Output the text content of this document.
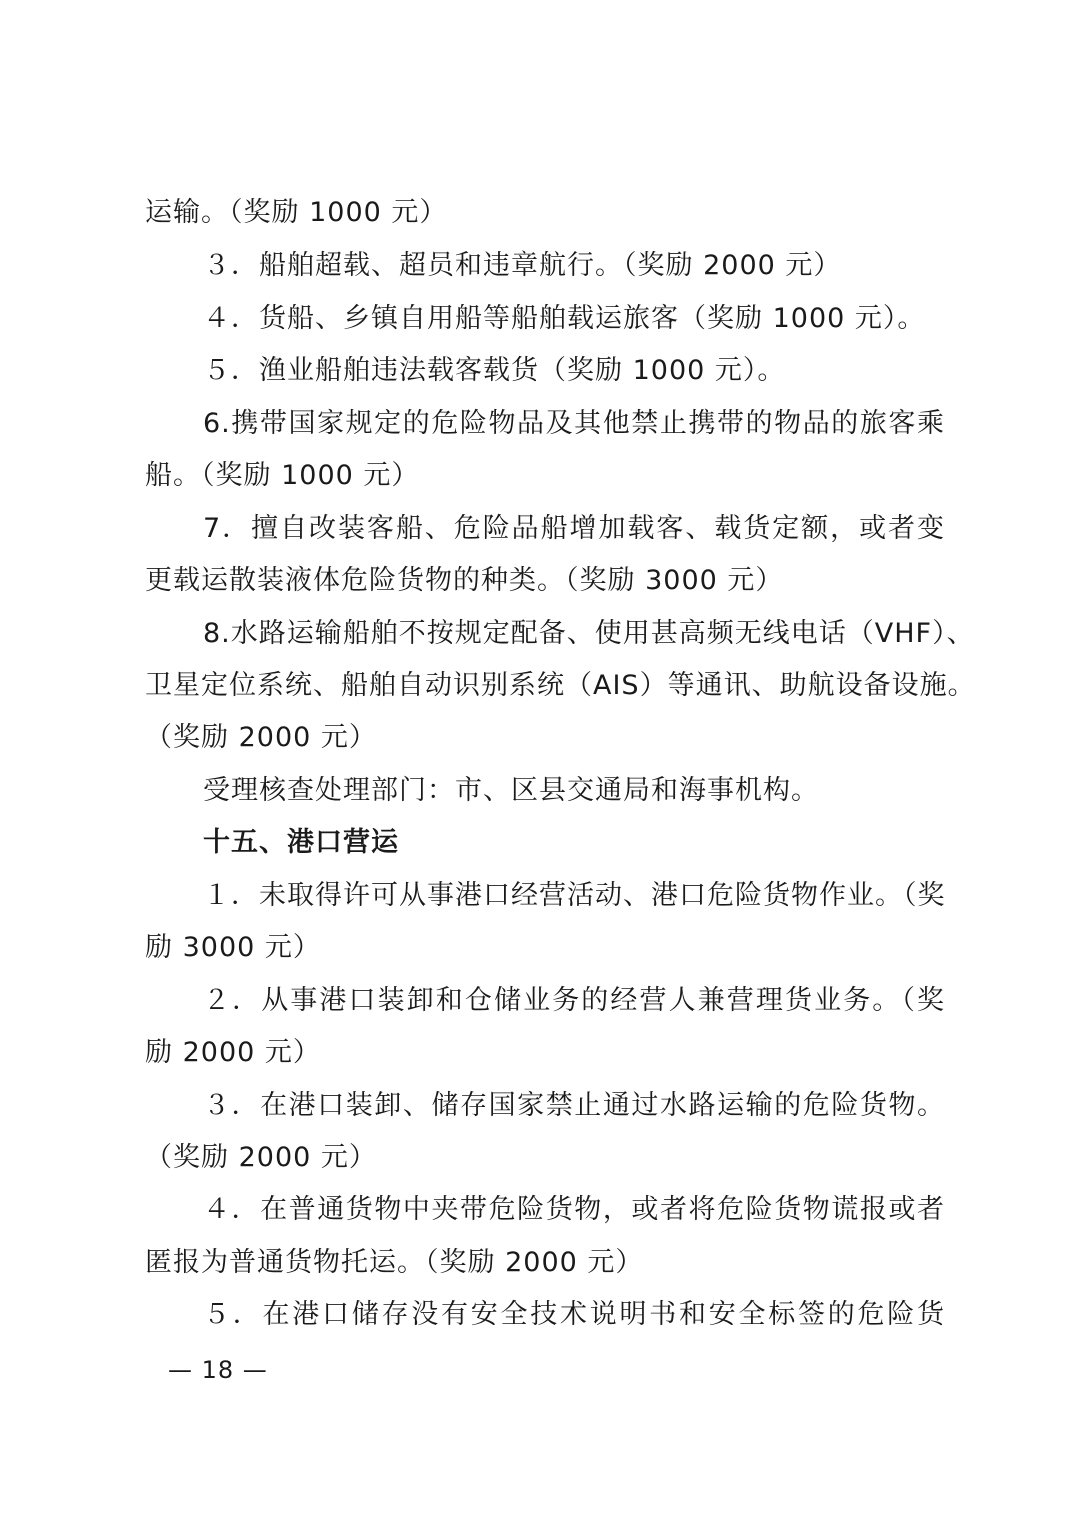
运输。（奖励 1000 元）
３．船舶超载、超员和违章航行。（奖励 2000 元）
４．货船、乡镇自用船等船舶载运旅客（奖励 1000 元）。
５．渔业船舶违法载客载货（奖励 1000 元）。
6.携带国家规定的危险物品及其他禁止携带的物品的旅客乘
船。（奖励 1000 元）
7．擅自改装客船、危险品船增加载客、载货定额，或者变
更载运散装液体危险货物的种类。（奖励 3000 元）
8.水路运输船舶不按规定配备、使用甚高频无线电话（VHF）、
卫星定位系统、船舶自动识别系统（AIS）等通讯、助航设备设施。
（奖励 2000 元）
受理核查处理部门：市、区县交通局和海事机构。
十五、港口营运
１．未取得许可从事港口经营活动、港口危险货物作业。（奖
励 3000 元）
２．从事港口装卸和仓储业务的经营人兼营理货业务。（奖
励 2000 元）
３．在港口装卸、储存国家禁止通过水路运输的危险货物。
（奖励 2000 元）
４．在普通货物中夹带危险货物，或者将危险货物谎报或者
匿报为普通货物托运。（奖励 2000 元）
５．在港口储存没有安全技术说明书和安全标签的危险货
— 18 —
